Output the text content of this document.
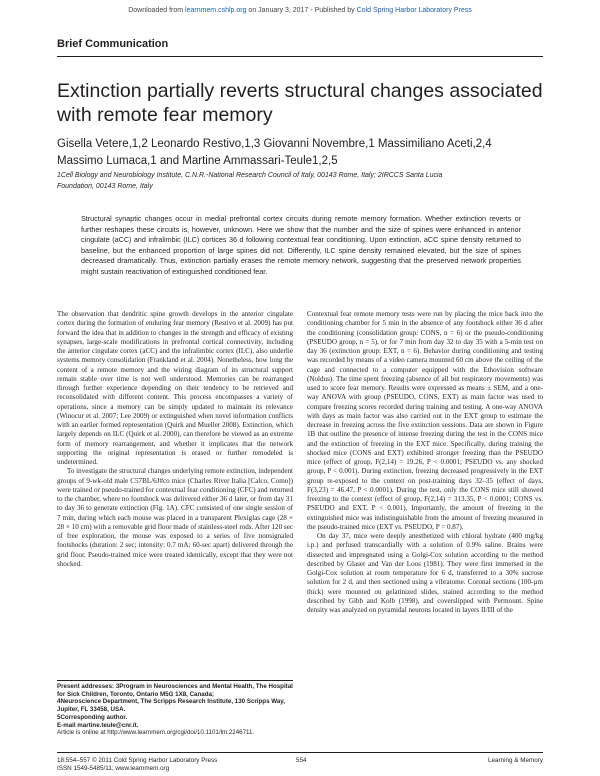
Downloaded from learnmem.cshlp.org on January 3, 2017 - Published by Cold Spring Harbor Laboratory Press
Brief Communication
Extinction partially reverts structural changes associated with remote fear memory
Gisella Vetere,1,2 Leonardo Restivo,1,3 Giovanni Novembre,1 Massimiliano Aceti,2,4
Massimo Lumaca,1 and Martine Ammassari-Teule1,2,5
1Cell Biology and Neurobiology Institute, C.N.R.-National Research Council of Italy, 00143 Rome, Italy; 2IRCCS Santa Lucia
Foundation, 00143 Rome, Italy
Structural synaptic changes occur in medial prefrontal cortex circuits during remote memory formation. Whether extinction reverts or further reshapes these circuits is, however, unknown. Here we show that the number and the size of spines were enhanced in anterior cingulate (aCC) and infralimbic (ILC) cortices 36 d following contextual fear conditioning. Upon extinction, aCC spine density returned to baseline, but the enhanced proportion of large spines did not. Differently, ILC spine density remained elevated, but the size of spines decreased dramatically. Thus, extinction partially erases the remote memory network, suggesting that the preserved network properties might sustain reactivation of extinguished conditioned fear.

The observation that dendritic spine growth develops in the anterior cingulate cortex during the formation of enduring fear memory (Restivo et al. 2009) has put forward the idea that in addition to changes in the strength and efficacy of existing synapses, large-scale modifications in prefrontal cortical connectivity, including the anterior cingulate cortex (aCC) and the infralimbic cortex (ILC), also underlie systems memory consolidation (Frankland et al. 2004). Nonetheless, how long the content of a remote memory and the wiring diagram of its structural support remain stable over time is not well understood. Memories can be rearranged through further experience depending on their tendency to be retrieved and reconsolidated with different content. This process encompasses a variety of operations, since a memory can be simply updated to maintain its relevance (Winocur et al. 2007; Lee 2009) or extinguished when novel information conflicts with an earlier formed representation (Quirk and Mueller 2008). Extinction, which largely depends on ILC (Quirk et al. 2000), can therefore be viewed as an extreme form of memory rearrangement, and whether it implicates that the network supporting the original representation is erased or further remodeled is undetermined.

To investigate the structural changes underlying remote extinction, independent groups of 9-wk-old male C57BL/6J#co mice (Charles River Italia [Calco, Como]) were trained or pseudo-trained for contextual fear conditioning (CFC) and returned to the chamber, where no footshock was delivered either 36 d later, or from day 31 to day 36 to generate extinction (Fig. 1A). CFC consisted of one single session of 7 min, during which each mouse was placed in a transparent Plexiglas cage (28 × 28 × 10 cm) with a removable grid floor made of stainless-steel rods. After 120 sec of free exploration, the mouse was exposed to a series of five nonsignaled footshocks (duration: 2 sec; intensity: 0.7 mA; 60-sec apart) delivered through the grid floor. Pseudo-trained mice were treated identically, except that they were not shocked.

Contextual fear remote memory tests were run by placing the mice back into the conditioning chamber for 5 min in the absence of any footshock either 36 d after the conditioning (consolidation group: CONS, n = 6) or the pseudo-conditioning (PSEUDO group, n = 5), or for 7 min from day 32 to day 35 with a 5-min test on day 36 (extinction group: EXT, n = 6). Behavior during conditioning and testing was recorded by means of a video camera mounted 60 cm above the ceiling of the cage and connected to a computer equipped with the Ethovision software (Noldus). The time spent freezing (absence of all but respiratory movements) was used to score fear memory. Results were expressed as means ± SEM, and a one-way ANOVA with group (PSEUDO, CONS, EXT) as main factor was used to compare freezing scores recorded during training and testing. A one-way ANOVA with days as main factor was also carried out in the EXT group to estimate the decrease in freezing across the five extinction sessions. Data are shown in Figure 1B that outline the presence of intense freezing during the test in the CONS mice and the extinction of freezing in the EXT mice. Specifically, during training the shocked mice (CONS and EXT) exhibited stronger freezing than the PSEUDO mice (effect of group, F(2,14) = 19.26, P < 0.0001; PSEUDO vs. any shocked group, P < 0.001). During extinction, freezing decreased progressively in the EXT group re-exposed to the context on post-training days 32–35 (effect of days, F(3,23) = 46.47, P < 0.0001). During the test, only the CONS mice still showed freezing to the context (effect of group, F(2,14) = 313.35, P < 0.0001; CONS vs. PSEUDO and EXT, P < 0.001). Importantly, the amount of freezing in the extinguished mice was indistinguishable from the amount of freezing measured in the pseudo-trained mice (EXT vs. PSEUDO, P = 0.87).

On day 37, mice were deeply anesthetized with chloral hydrate (400 mg/kg i.p.) and perfused transcardially with a solution of 0.9% saline. Brains were dissected and impregnated using a Golgi-Cox solution according to the method described by Glaser and Van der Loos (1981). They were first immersed in the Golgi-Cox solution at room temperature for 6 d, transferred to a 30% sucrose solution for 2 d, and then sectioned using a vibratome. Coronal sections (100-µm thick) were mounted on gelatinized slides, stained according to the method described by Gibb and Kolb (1998), and coverslipped with Permount. Spine density was analyzed on pyramidal neurons located in layers II/III of the

Present addresses: 3Program in Neurosciences and Mental Health, The Hospital for Sick Children, Toronto, Ontario M5G 1X8, Canada;
4Neuroscience Department, The Scripps Research Institute, 130 Scripps Way, Jupiter, FL 33458, USA.
5Corresponding author.
E-mail martine.teule@cnr.it.
Article is online at http://www.learnmem.org/cgi/doi/10.1101/lm.2246711.
18:554–557 © 2011 Cold Spring Harbor Laboratory Press
ISSN 1549-5485/11; www.learnmem.org
554	Learning & Memory
